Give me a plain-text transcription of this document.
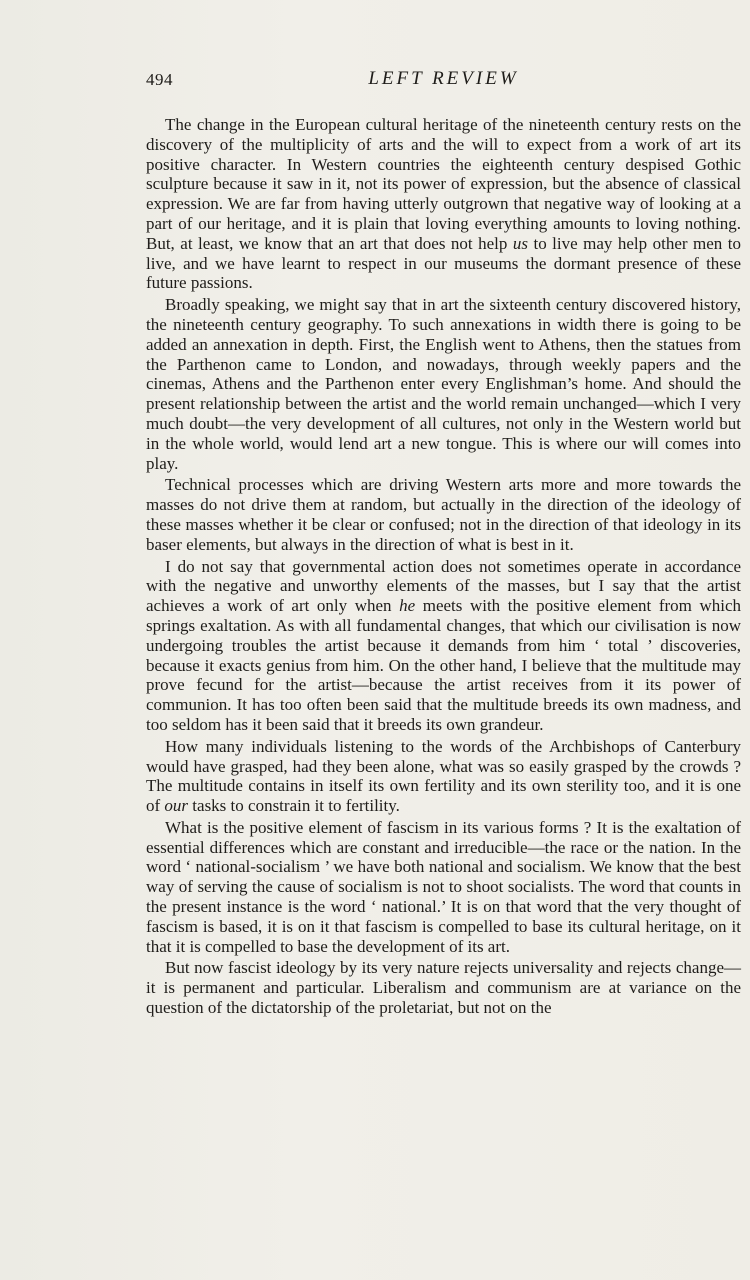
494	LEFT REVIEW

The change in the European cultural heritage of the nineteenth century rests on the discovery of the multiplicity of arts and the will to expect from a work of art its positive character. In Western countries the eighteenth century despised Gothic sculpture because it saw in it, not its power of expression, but the absence of classical expression. We are far from having utterly outgrown that negative way of looking at a part of our heritage, and it is plain that loving everything amounts to loving nothing. But, at least, we know that an art that does not help us to live may help other men to live, and we have learnt to respect in our museums the dormant presence of these future passions.

Broadly speaking, we might say that in art the sixteenth century discovered history, the nineteenth century geography. To such annexations in width there is going to be added an annexation in depth. First, the English went to Athens, then the statues from the Parthenon came to London, and nowadays, through weekly papers and the cinemas, Athens and the Parthenon enter every Englishman’s home. And should the present relationship between the artist and the world remain unchanged—which I very much doubt—the very development of all cultures, not only in the Western world but in the whole world, would lend art a new tongue. This is where our will comes into play.

Technical processes which are driving Western arts more and more towards the masses do not drive them at random, but actually in the direction of the ideology of these masses whether it be clear or confused; not in the direction of that ideology in its baser elements, but always in the direction of what is best in it.

I do not say that governmental action does not sometimes operate in accordance with the negative and unworthy elements of the masses, but I say that the artist achieves a work of art only when he meets with the positive element from which springs exaltation. As with all fundamental changes, that which our civilisation is now undergoing troubles the artist because it demands from him ‘ total ’ discoveries, because it exacts genius from him. On the other hand, I believe that the multitude may prove fecund for the artist—because the artist receives from it its power of communion. It has too often been said that the multitude breeds its own madness, and too seldom has it been said that it breeds its own grandeur.

How many individuals listening to the words of the Archbishops of Canterbury would have grasped, had they been alone, what was so easily grasped by the crowds ? The multitude contains in itself its own fertility and its own sterility too, and it is one of our tasks to constrain it to fertility.

What is the positive element of fascism in its various forms ? It is the exaltation of essential differences which are constant and irreducible—the race or the nation. In the word ‘ national-socialism ’ we have both national and socialism. We know that the best way of serving the cause of socialism is not to shoot socialists. The word that counts in the present instance is the word ‘ national.’ It is on that word that the very thought of fascism is based, it is on it that fascism is compelled to base its cultural heritage, on it that it is compelled to base the development of its art.

But now fascist ideology by its very nature rejects universality and rejects change—it is permanent and particular. Liberalism and communism are at variance on the question of the dictatorship of the proletariat, but not on the
